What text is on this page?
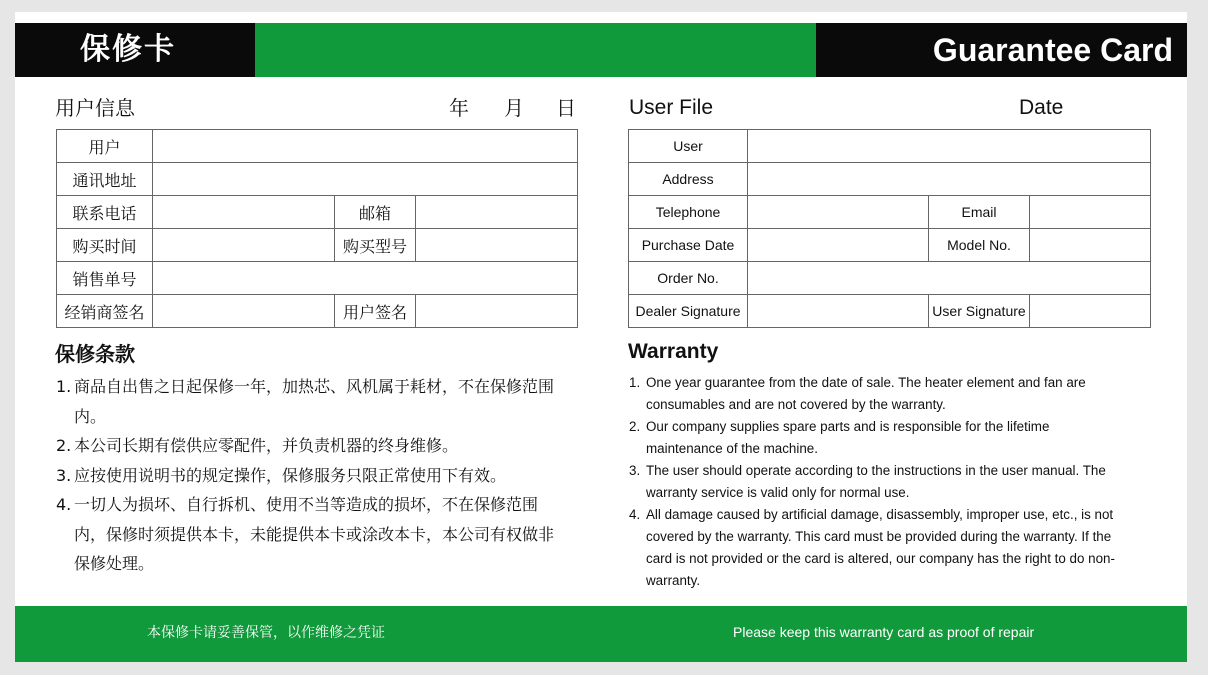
保修卡	Guarantee Card
用户信息	年 月 日
用户			
通讯地址			
联系电话		邮箱	
购买时间		购买型号	
销售单号			
经销商签名		用户签名	
User File	Date
User			
Address			
Telephone		Email	
Purchase Date		Model No.	
Order No.			
Dealer Signature		User Signature	
保修条款
1. 商品自出售之日起保修一年，加热芯、风机属于耗材，不在保修范围内。
2. 本公司长期有偿供应零配件，并负责机器的终身维修。
3. 应按使用说明书的规定操作，保修服务只限正常使用下有效。
4. 一切人为损坏、自行拆机、使用不当等造成的损坏，不在保修范围内，保修时须提供本卡，未能提供本卡或涂改本卡，本公司有权做非保修处理。
Warranty
1. One year guarantee from the date of sale. The heater element and fan are consumables and are not covered by the warranty.
2. Our company supplies spare parts and is responsible for the lifetime maintenance of the machine.
3. The user should operate according to the instructions in the user manual. The warranty service is valid only for normal use.
4. All damage caused by artificial damage, disassembly, improper use, etc., is not covered by the warranty. This card must be provided during the warranty. If the card is not provided or the card is altered, our company has the right to do non-warranty.
本保修卡请妥善保管，以作维修之凭证	Please keep this warranty card as proof of repair
